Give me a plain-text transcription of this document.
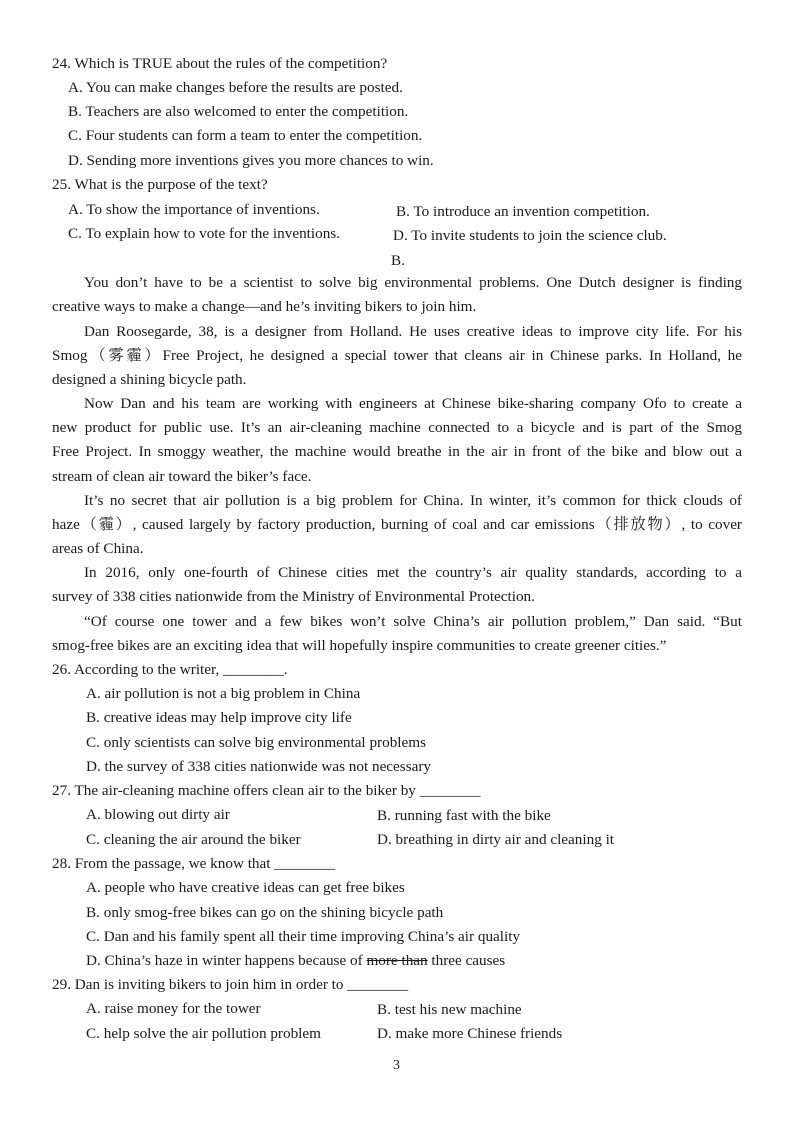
24. Which is TRUE about the rules of the competition?
A. You can make changes before the results are posted.
B. Teachers are also welcomed to enter the competition.
C. Four students can form a team to enter the competition.
D. Sending more inventions gives you more chances to win.
25. What is the purpose of the text?
A. To show the importance of inventions.	B. To introduce an invention competition.
C. To explain how to vote for the inventions.	D. To invite students to join the science club.
B.
You don’t have to be a scientist to solve big environmental problems. One Dutch designer is finding
creative ways to make a change—and he’s inviting bikers to join him.
Dan Roosegarde, 38, is a designer from Holland. He uses creative ideas to improve city life. For his
Smog（雾霾）Free Project, he designed a special tower that cleans air in Chinese parks. In Holland, he
designed a shining bicycle path.
Now Dan and his team are working with engineers at Chinese bike-sharing company Ofo to create a
new product for public use. It’s an air-cleaning machine connected to a bicycle and is part of the Smog
Free Project. In smoggy weather, the machine would breathe in the air in front of the bike and blow out a
stream of clean air toward the biker’s face.
It’s no secret that air pollution is a big problem for China. In winter, it’s common for thick clouds of
haze（霾）, caused largely by factory production, burning of coal and car emissions（排放物）, to cover
areas of China.
In 2016, only one-fourth of Chinese cities met the country’s air quality standards, according to a
survey of 338 cities nationwide from the Ministry of Environmental Protection.
“Of course one tower and a few bikes won’t solve China’s air pollution problem,” Dan said. “But
smog-free bikes are an exciting idea that will hopefully inspire communities to create greener cities.”
26. According to the writer, ________.
A. air pollution is not a big problem in China
B. creative ideas may help improve city life
C. only scientists can solve big environmental problems
D. the survey of 338 cities nationwide was not necessary
27. The air-cleaning machine offers clean air to the biker by ________
A. blowing out dirty air	B. running fast with the bike
C. cleaning the air around the biker	D. breathing in dirty air and cleaning it
28. From the passage, we know that ________
A. people who have creative ideas can get free bikes
B. only smog-free bikes can go on the shining bicycle path
C. Dan and his family spent all their time improving China’s air quality
D. China’s haze in winter happens because of more than three causes
29. Dan is inviting bikers to join him in order to ________
A. raise money for the tower	B. test his new machine
C. help solve the air pollution problem	D. make more Chinese friends
3
